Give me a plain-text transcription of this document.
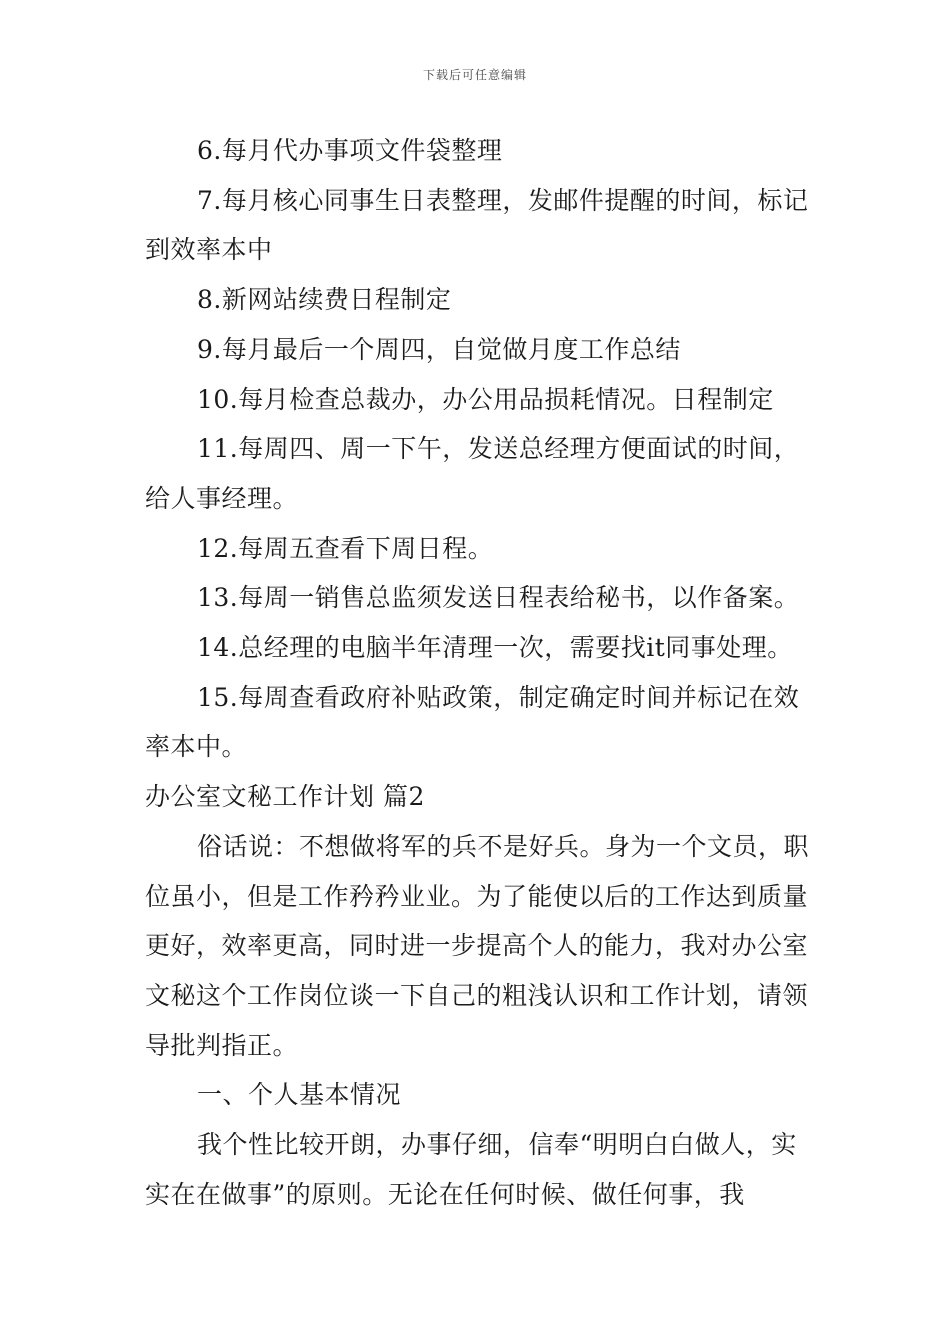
下载后可任意编辑

6.每月代办事项文件袋整理

7.每月核心同事生日表整理，发邮件提醒的时间，标记到效率本中

8.新网站续费日程制定

9.每月最后一个周四，自觉做月度工作总结

10.每月检查总裁办，办公用品损耗情况。日程制定

11.每周四、周一下午，发送总经理方便面试的时间，给人事经理。

12.每周五查看下周日程。

13.每周一销售总监须发送日程表给秘书，以作备案。

14.总经理的电脑半年清理一次，需要找it同事处理。

15.每周查看政府补贴政策，制定确定时间并标记在效率本中。

办公室文秘工作计划 篇2

俗话说：不想做将军的兵不是好兵。身为一个文员，职位虽小，但是工作矜矜业业。为了能使以后的工作达到质量更好，效率更高，同时进一步提高个人的能力，我对办公室文秘这个工作岗位谈一下自己的粗浅认识和工作计划，请领导批判指正。

一、个人基本情况

我个性比较开朗，办事仔细，信奉“明明白白做人，实实在在做事”的原则。无论在任何时候、做任何事，我
